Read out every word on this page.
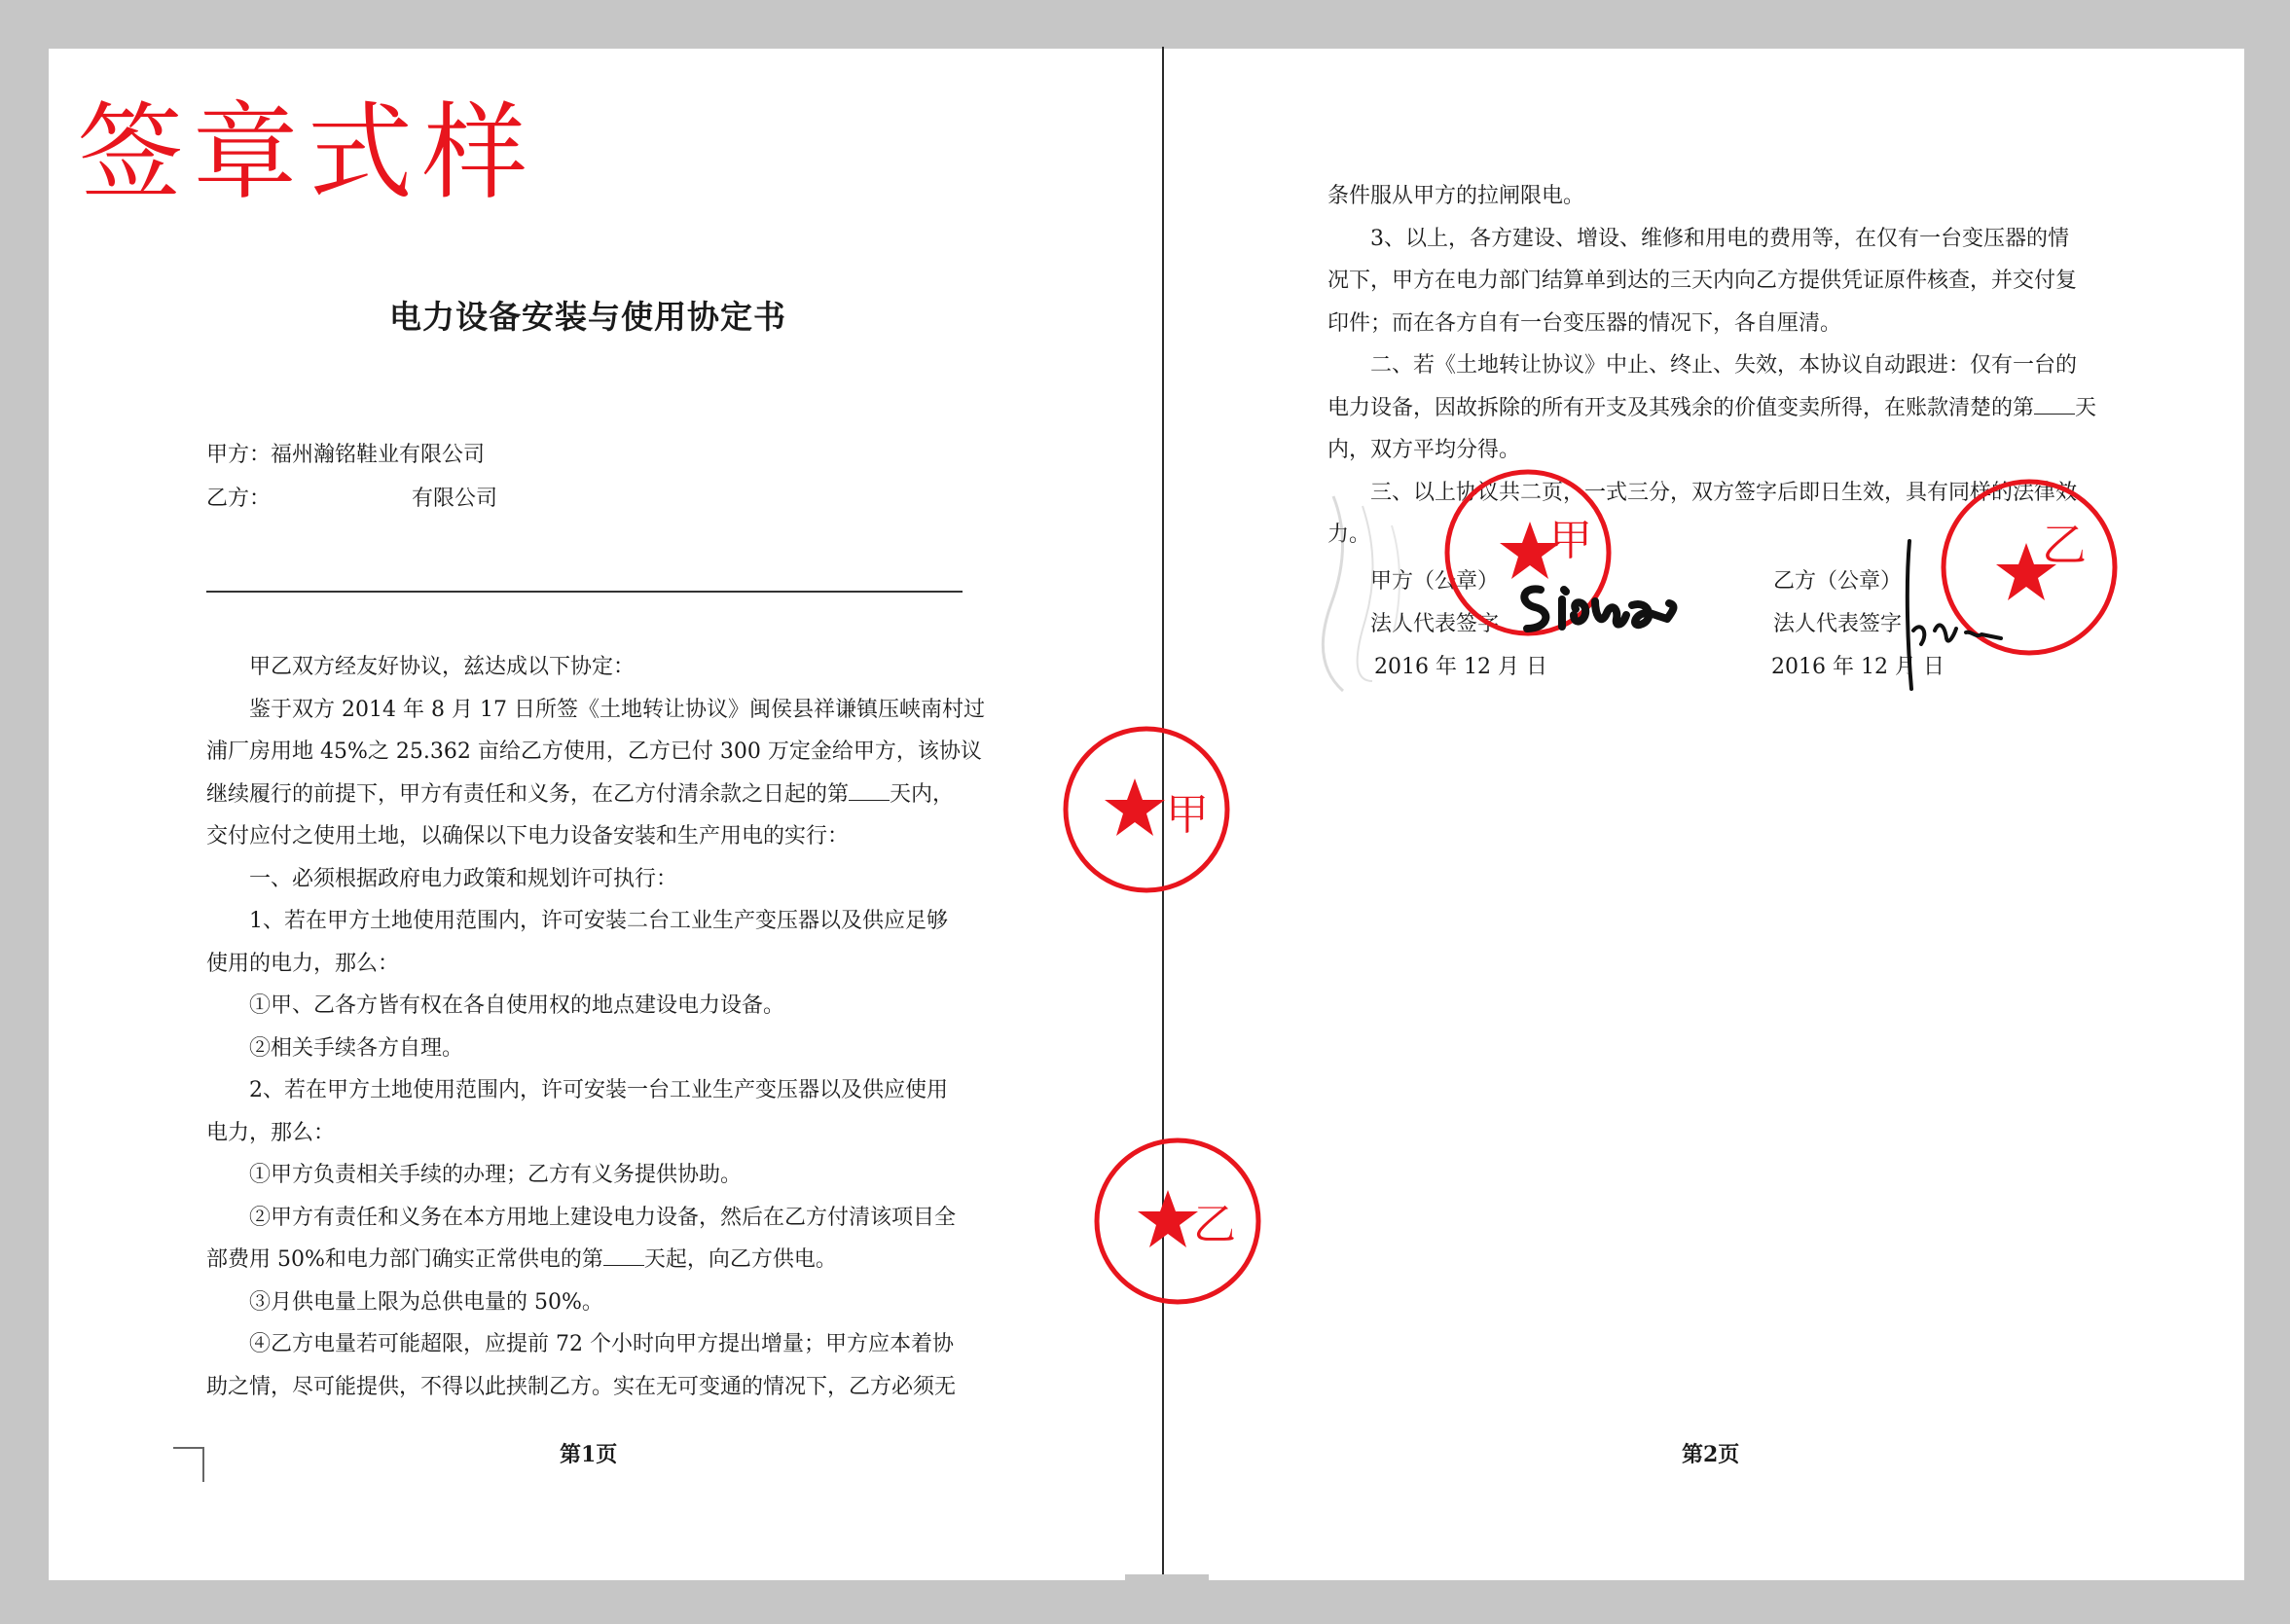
签章式样
电力设备安装与使用协定书
甲方：福州瀚铭鞋业有限公司
乙方：	有限公司
甲乙双方经友好协议，兹达成以下协定：
鉴于双方 2014 年 8 月 17 日所签《土地转让协议》闽侯县祥谦镇压峡南村过
浦厂房用地 45%之 25.362 亩给乙方使用，乙方已付 300 万定金给甲方，该协议
继续履行的前提下，甲方有责任和义务，在乙方付清余款之日起的第 天内，
交付应付之使用土地，以确保以下电力设备安装和生产用电的实行：
一、必须根据政府电力政策和规划许可执行：
1、若在甲方土地使用范围内，许可安装二台工业生产变压器以及供应足够
使用的电力，那么：
①甲、乙各方皆有权在各自使用权的地点建设电力设备。
②相关手续各方自理。
2、若在甲方土地使用范围内，许可安装一台工业生产变压器以及供应使用
电力，那么：
①甲方负责相关手续的办理；乙方有义务提供协助。
②甲方有责任和义务在本方用地上建设电力设备，然后在乙方付清该项目全
部费用 50%和电力部门确实正常供电的第 天起，向乙方供电。
③月供电量上限为总供电量的 50%。
④乙方电量若可能超限，应提前 72 个小时向甲方提出增量；甲方应本着协
助之情，尽可能提供，不得以此挟制乙方。实在无可变通的情况下，乙方必须无
第1页
条件服从甲方的拉闸限电。
3、以上，各方建设、增设、维修和用电的费用等，在仅有一台变压器的情
况下，甲方在电力部门结算单到达的三天内向乙方提供凭证原件核查，并交付复
印件；而在各方自有一台变压器的情况下，各自厘清。
二、若《土地转让协议》中止、终止、失效，本协议自动跟进：仅有一台的
电力设备，因故拆除的所有开支及其残余的价值变卖所得，在账款清楚的第 天
内，双方平均分得。
三、以上协议共二页，一式三分，双方签字后即日生效，具有同样的法律效
力。
甲方（公章）	乙方（公章）
法人代表签字	法人代表签字
2016 年 12 月 日	2016 年 12 月 日
第2页
甲
乙
甲	乙
